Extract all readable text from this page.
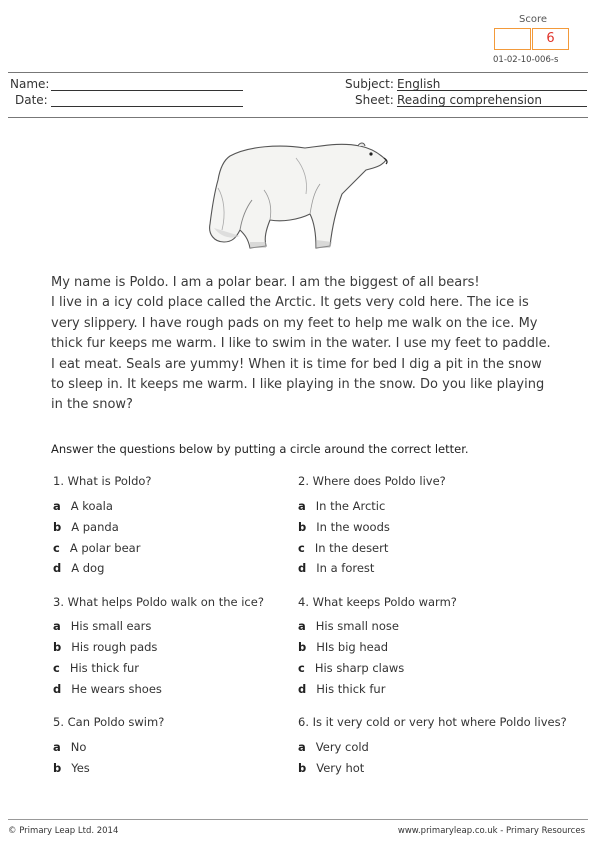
Score
6
01-02-10-006-s
Name:
Date:
Subject: English
Sheet: Reading comprehension
My name is Poldo. I am a polar bear. I am the biggest of all bears!
I live in a icy cold place called the Arctic. It gets very cold here. The ice is very slippery. I have rough pads on my feet to help me walk on the ice. My thick fur keeps me warm. I like to swim in the water. I use my feet to paddle. I eat meat. Seals are yummy! When it is time for bed I dig a pit in the snow to sleep in. It keeps me warm. I like playing in the snow. Do you like playing in the snow?
Answer the questions below by putting a circle around the correct letter.
1. What is Poldo?
a A koala
b A panda
c A polar bear
d A dog
2. Where does Poldo live?
a In the Arctic
b In the woods
c In the desert
d In a forest
3. What helps Poldo walk on the ice?
a His small ears
b His rough pads
c His thick fur
d He wears shoes
4. What keeps Poldo warm?
a His small nose
b HIs big head
c His sharp claws
d His thick fur
5. Can Poldo swim?
a No
b Yes
6. Is it very cold or very hot where Poldo lives?
a Very cold
b Very hot
© Primary Leap Ltd. 2014	www.primaryleap.co.uk - Primary Resources
